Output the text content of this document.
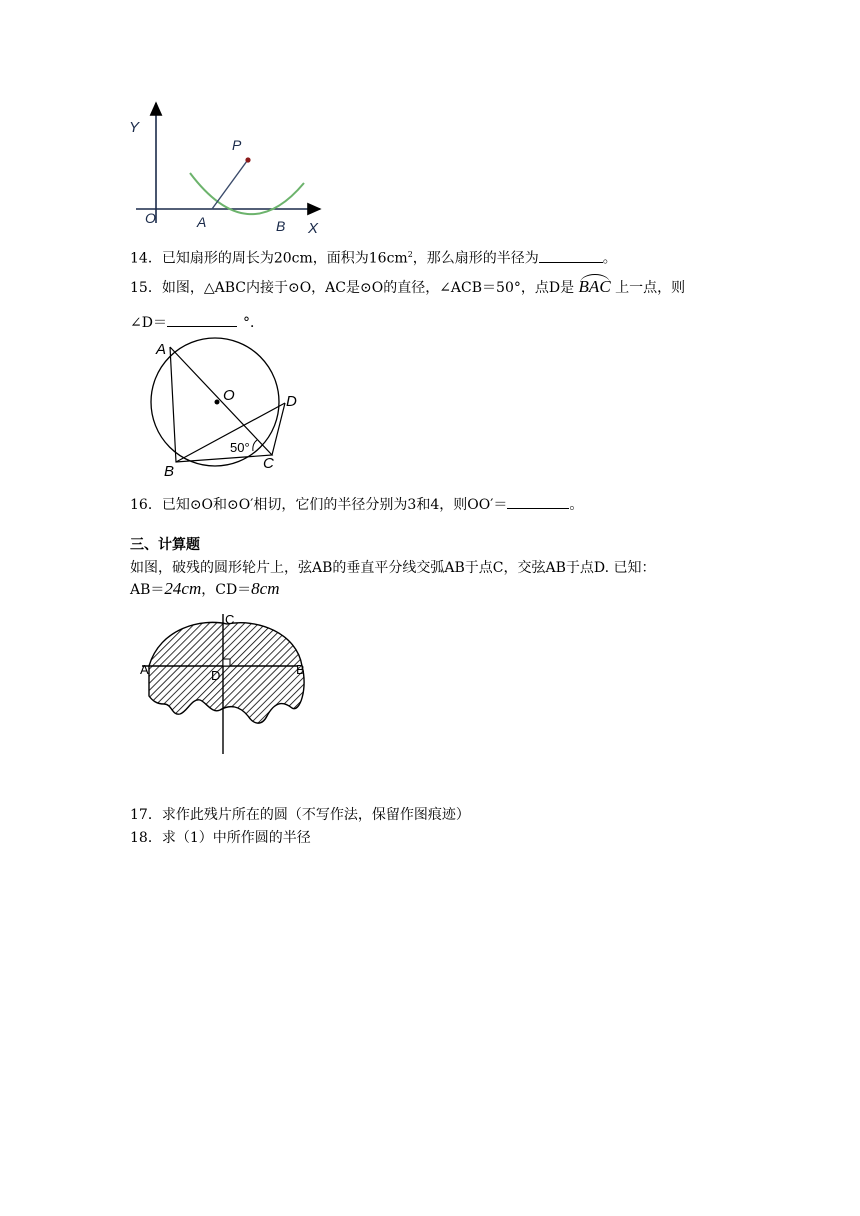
Y
X
O	A	B
P
14．已知扇形的周长为20cm，面积为$16cm^2$，那么扇形的半径为	。
15．如图，△ABC内接于⊙O，AC是⊙O的直径，∠ACB＝50°，点D是 BAC 上一点，则
∠D＝	°．
A
O	D
B	C
50°
16．已知⊙O和⊙O′相切，它们的半径分别为3和4，则OO′＝	。
三、计算题
如图，破残的圆形轮片上，弦AB的垂直平分线交弧AB于点C，交弦AB于点D. 已知：
AB＝24cm，CD＝8cm
C
A	B
D
17．求作此残片所在的圆（不写作法，保留作图痕迹）
18．求（1）中所作圆的半径
